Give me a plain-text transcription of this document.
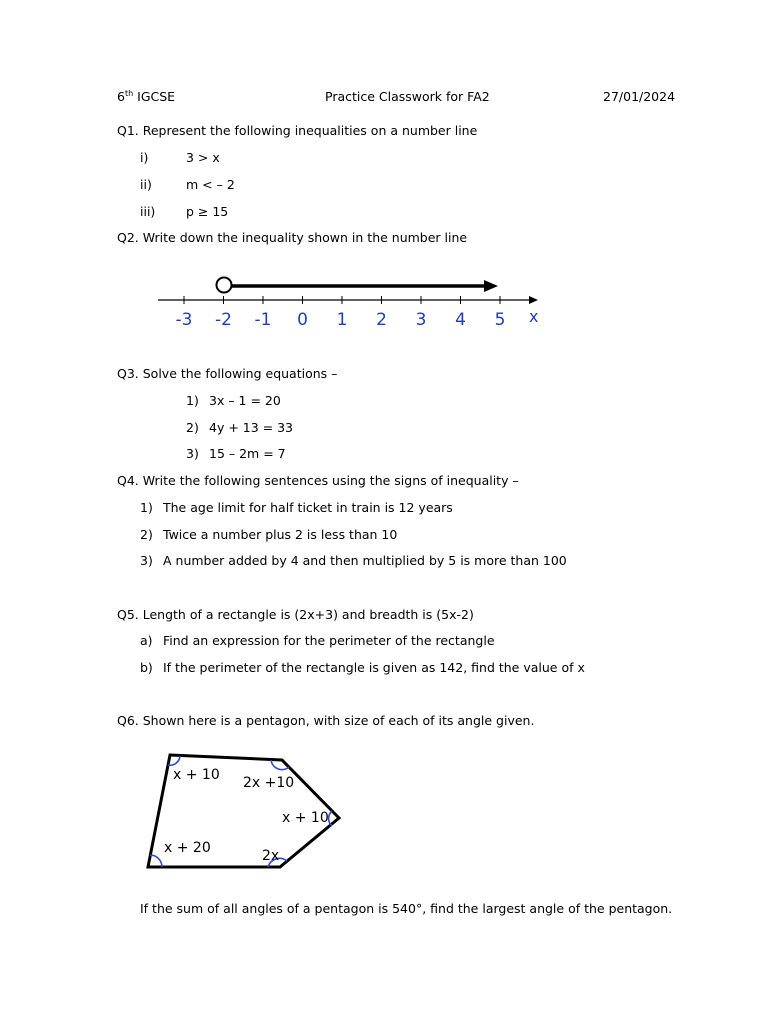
6th IGCSE	Practice Classwork for FA2	27/01/2024
Q1. Represent the following inequalities on a number line
i)	3 > x
ii)	m < – 2
iii) p ≥ 15
Q2. Write down the inequality shown in the number line
-3 -2 -1 0 1 2 3 4 5 x
Q3. Solve the following equations –
1) 3x – 1 = 20
2) 4y + 13 = 33
3) 15 – 2m = 7
Q4. Write the following sentences using the signs of inequality –
1) The age limit for half ticket in train is 12 years
2) Twice a number plus 2 is less than 10
3) A number added by 4 and then multiplied by 5 is more than 100
Q5. Length of a rectangle is (2x+3) and breadth is (5x-2)
a) Find an expression for the perimeter of the rectangle
b) If the perimeter of the rectangle is given as 142, find the value of x
Q6. Shown here is a pentagon, with size of each of its angle given.
x + 10 2x +10
x + 10
2x
x + 20
If the sum of all angles of a pentagon is 540°, find the largest angle of the pentagon.
